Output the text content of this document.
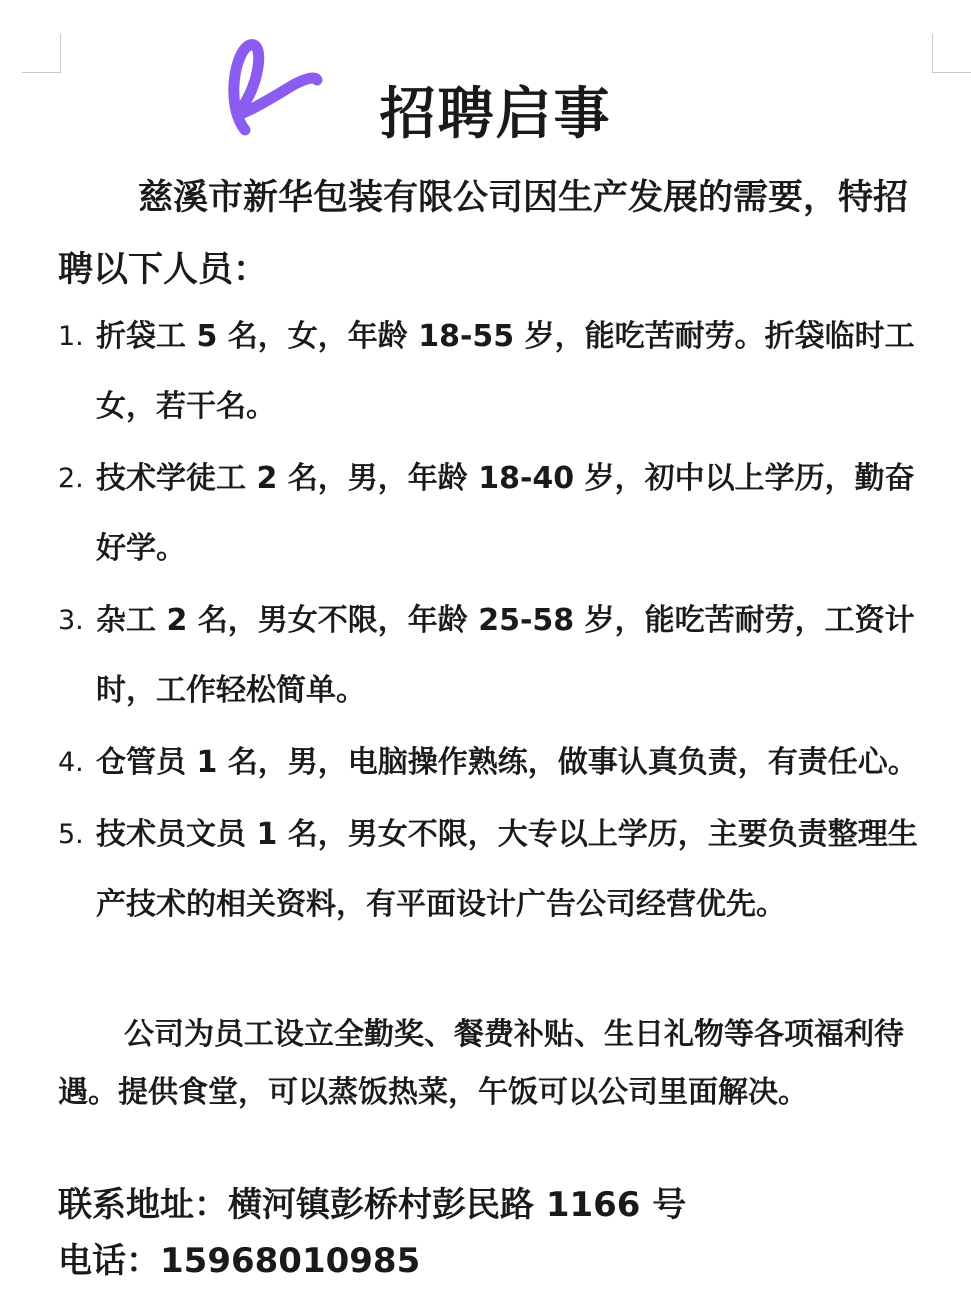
招聘启事
慈溪市新华包装有限公司因生产发展的需要，特招聘以下人员：
1. 折袋工 5 名，女，年龄 18-55 岁，能吃苦耐劳。折袋临时工女，若干名。
2. 技术学徒工 2 名，男，年龄 18-40 岁，初中以上学历，勤奋好学。
3. 杂工 2 名，男女不限，年龄 25-58 岁，能吃苦耐劳，工资计时，工作轻松简单。
4. 仓管员 1 名，男，电脑操作熟练，做事认真负责，有责任心。
5. 技术员文员 1 名，男女不限，大专以上学历，主要负责整理生产技术的相关资料，有平面设计广告公司经营优先。
公司为员工设立全勤奖、餐费补贴、生日礼物等各项福利待遇。提供食堂，可以蒸饭热菜，午饭可以公司里面解决。
联系地址：横河镇彭桥村彭民路 1166 号
电话：15968010985
